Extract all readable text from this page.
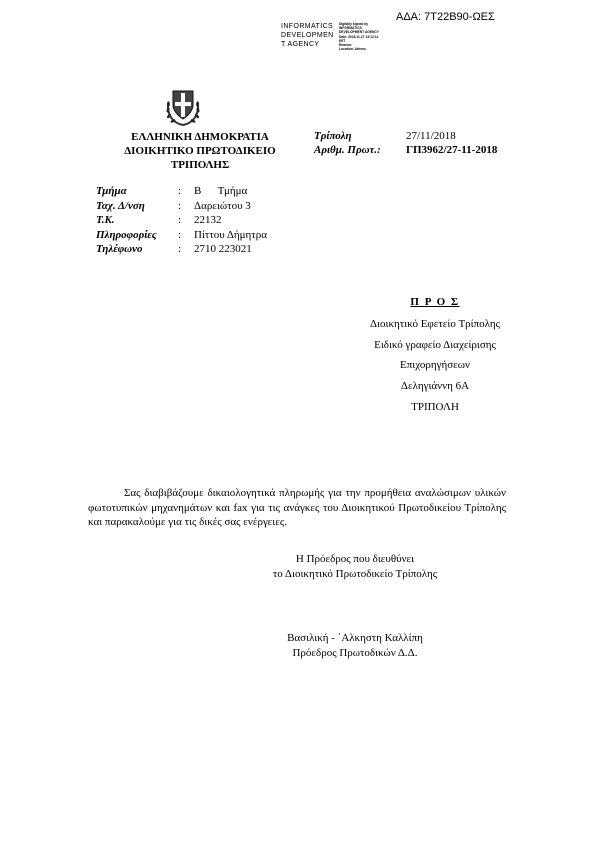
ΑΔΑ: 7Τ22Β90-ΩΕΣ
INFORMATICS
DEVELOPMEN
T AGENCY
Digitally signed by
INFORMATICS
DEVELOPMENT AGENCY
Date: 2018.11.27 13:12:11
EET
Reason:
Location: Athens
ΕΛΛΗΝΙΚΗ ΔΗΜΟΚΡΑΤΙΑ
ΔΙΟΙΚΗΤΙΚΟ ΠΡΩΤΟΔΙΚΕΙΟ
ΤΡΙΠΟΛΗΣ
Τρίπολη	27/11/2018
Αριθμ. Πρωτ.: ΓΠ3962/27-11-2018
Τμήμα	: Β      Τμήμα
Ταχ. Δ/νση	: Δαρειώτου 3
Τ.Κ.	: 22132
Πληροφορίες : Πίττου Δήμητρα
Τηλέφωνο	: 2710 223021
Π Ρ Ο Σ
Διοικητικό Εφετείο Τρίπολης
Ειδικό γραφείο Διαχείρισης
Επιχορηγήσεων
Δεληγιάννη 6Α
ΤΡΙΠΟΛΗ

Σας διαβιβάζουμε δικαιολογητικά πληρωμής για την προμήθεια αναλώσιμων υλικών φωτοτυπικών μηχανημάτων και fax για τις ανάγκες του Διοικητικού Πρωτοδικείου Τρίπολης και παρακαλούμε για τις δικές σας ενέργειες.

Η Πρόεδρος που διευθύνει
το Διοικητικό Πρωτοδικείο Τρίπολης
Βασιλική - ΄Αλκηστη Καλλίπη
Πρόεδρος Πρωτοδικών Δ.Δ.
